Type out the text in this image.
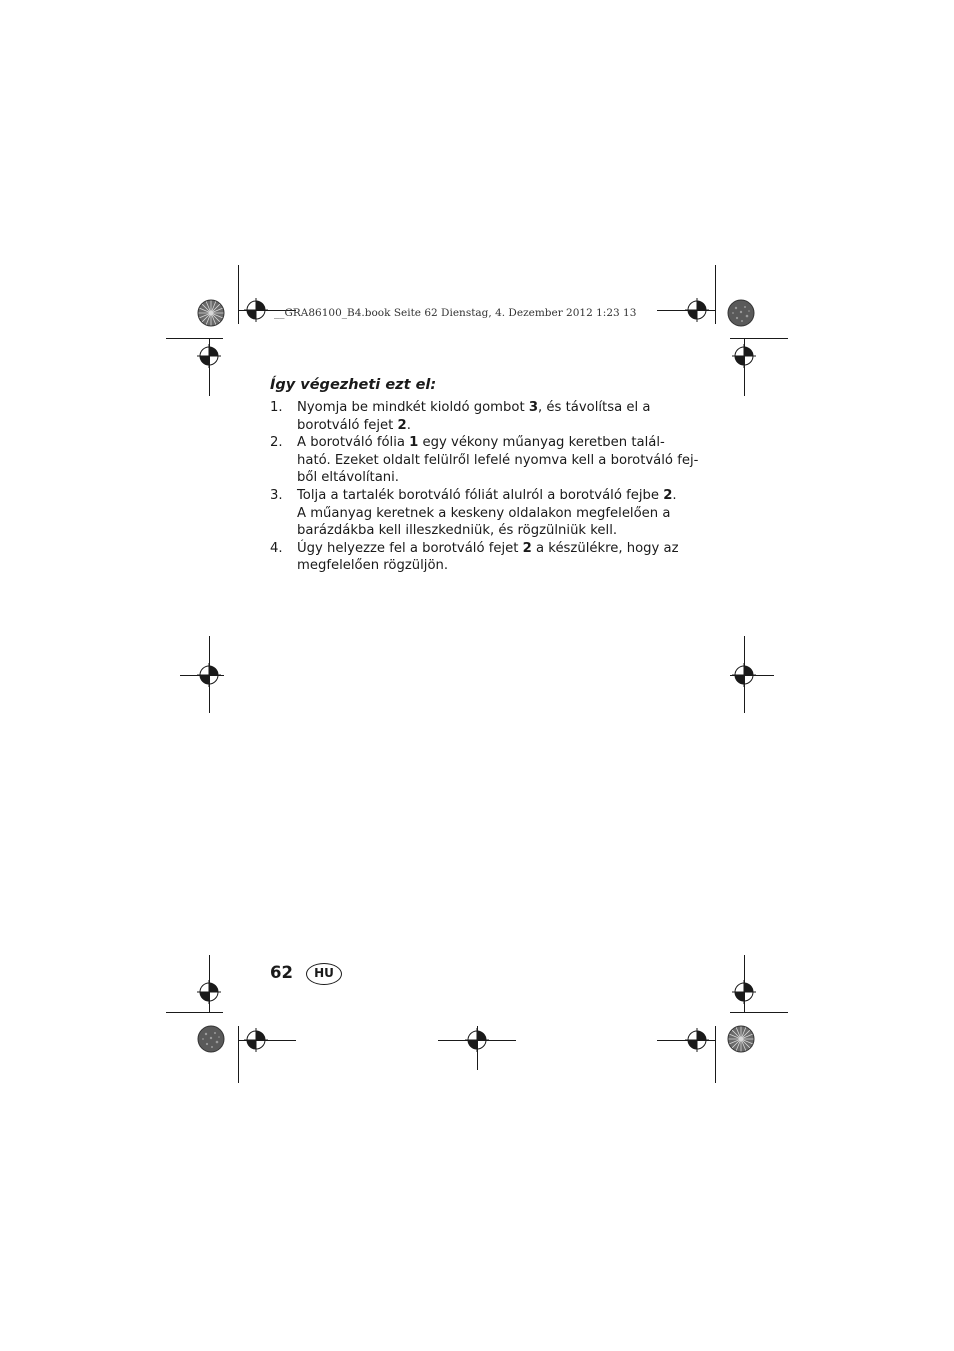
__GRA86100_B4.book Seite 62 Dienstag, 4. Dezember 2012 1:23 13
Így végezheti ezt el:
1. Nyomja be mindkét kioldó gombot 3, és távolítsa el a
borotváló fejet 2.
2. A borotváló fólia 1 egy vékony műanyag keretben talál-
ható. Ezeket oldalt felülről lefelé nyomva kell a borotváló fej-
ből eltávolítani.
3. Tolja a tartalék borotváló fóliát alulról a borotváló fejbe 2.
A műanyag keretnek a keskeny oldalakon megfelelően a
barázdákba kell illeszkedniük, és rögzülniük kell.
4. Úgy helyezze fel a borotváló fejet 2 a készülékre, hogy az
megfelelően rögzüljön.
62	HU
